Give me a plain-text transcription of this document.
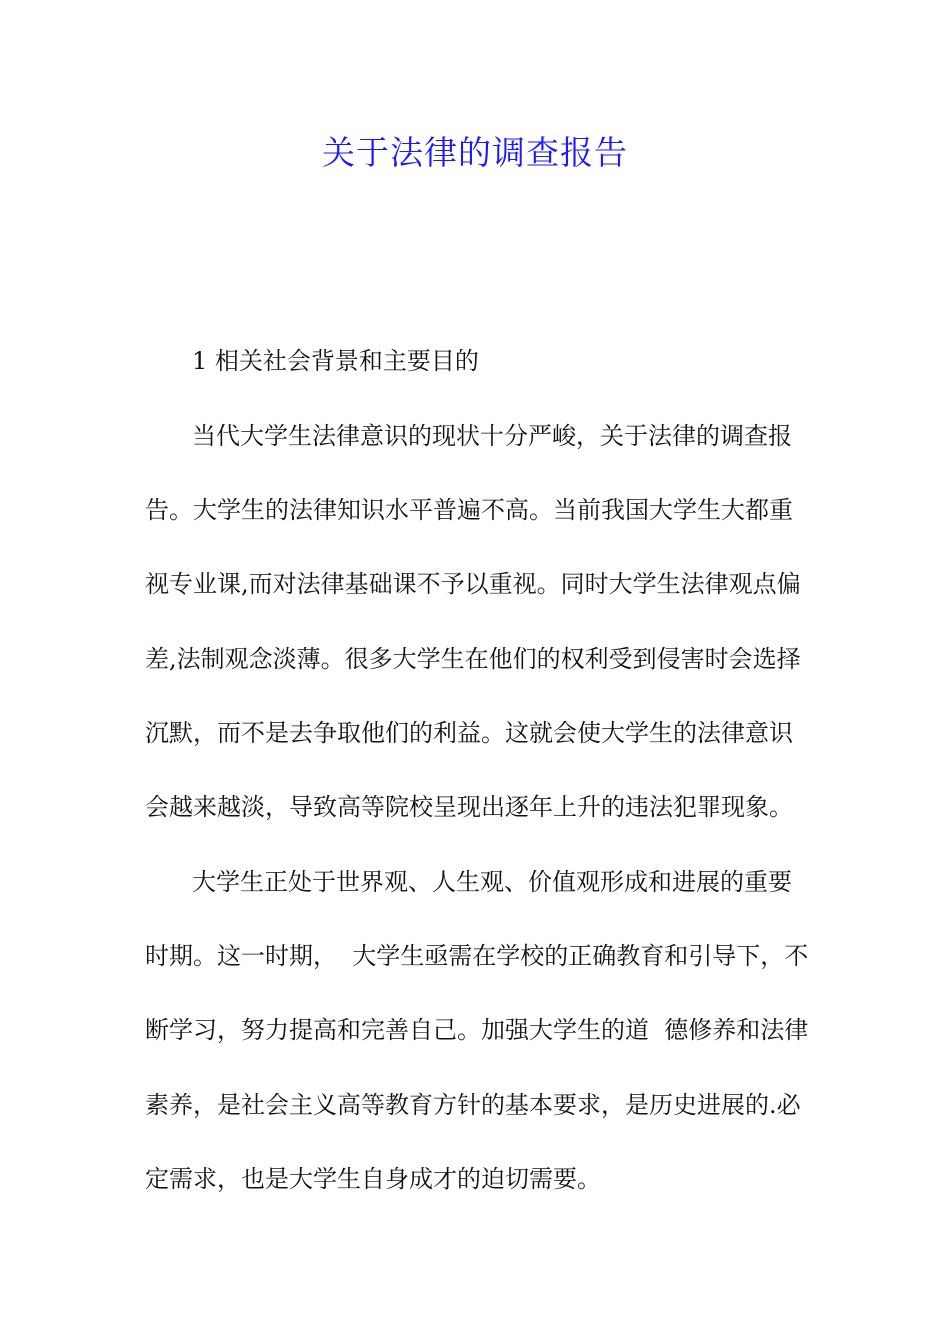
关于法律的调查报告
1 相关社会背景和主要目的
当代大学生法律意识的现状十分严峻，关于法律的调查报
告。大学生的法律知识水平普遍不高。当前我国大学生大都重
视专业课,而对法律基础课不予以重视。同时大学生法律观点偏
差,法制观念淡薄。很多大学生在他们的权利受到侵害时会选择
沉默，而不是去争取他们的利益。这就会使大学生的法律意识
会越来越淡，导致高等院校呈现出逐年上升的违法犯罪现象。
大学生正处于世界观、人生观、价值观形成和进展的重要
时期。这一时期，  大学生亟需在学校的正确教育和引导下，不
断学习，努力提高和完善自己。加强大学生的道  德修养和法律
素养，是社会主义高等教育方针的基本要求，是历史进展的.必
定需求，也是大学生自身成才的迫切需要。
